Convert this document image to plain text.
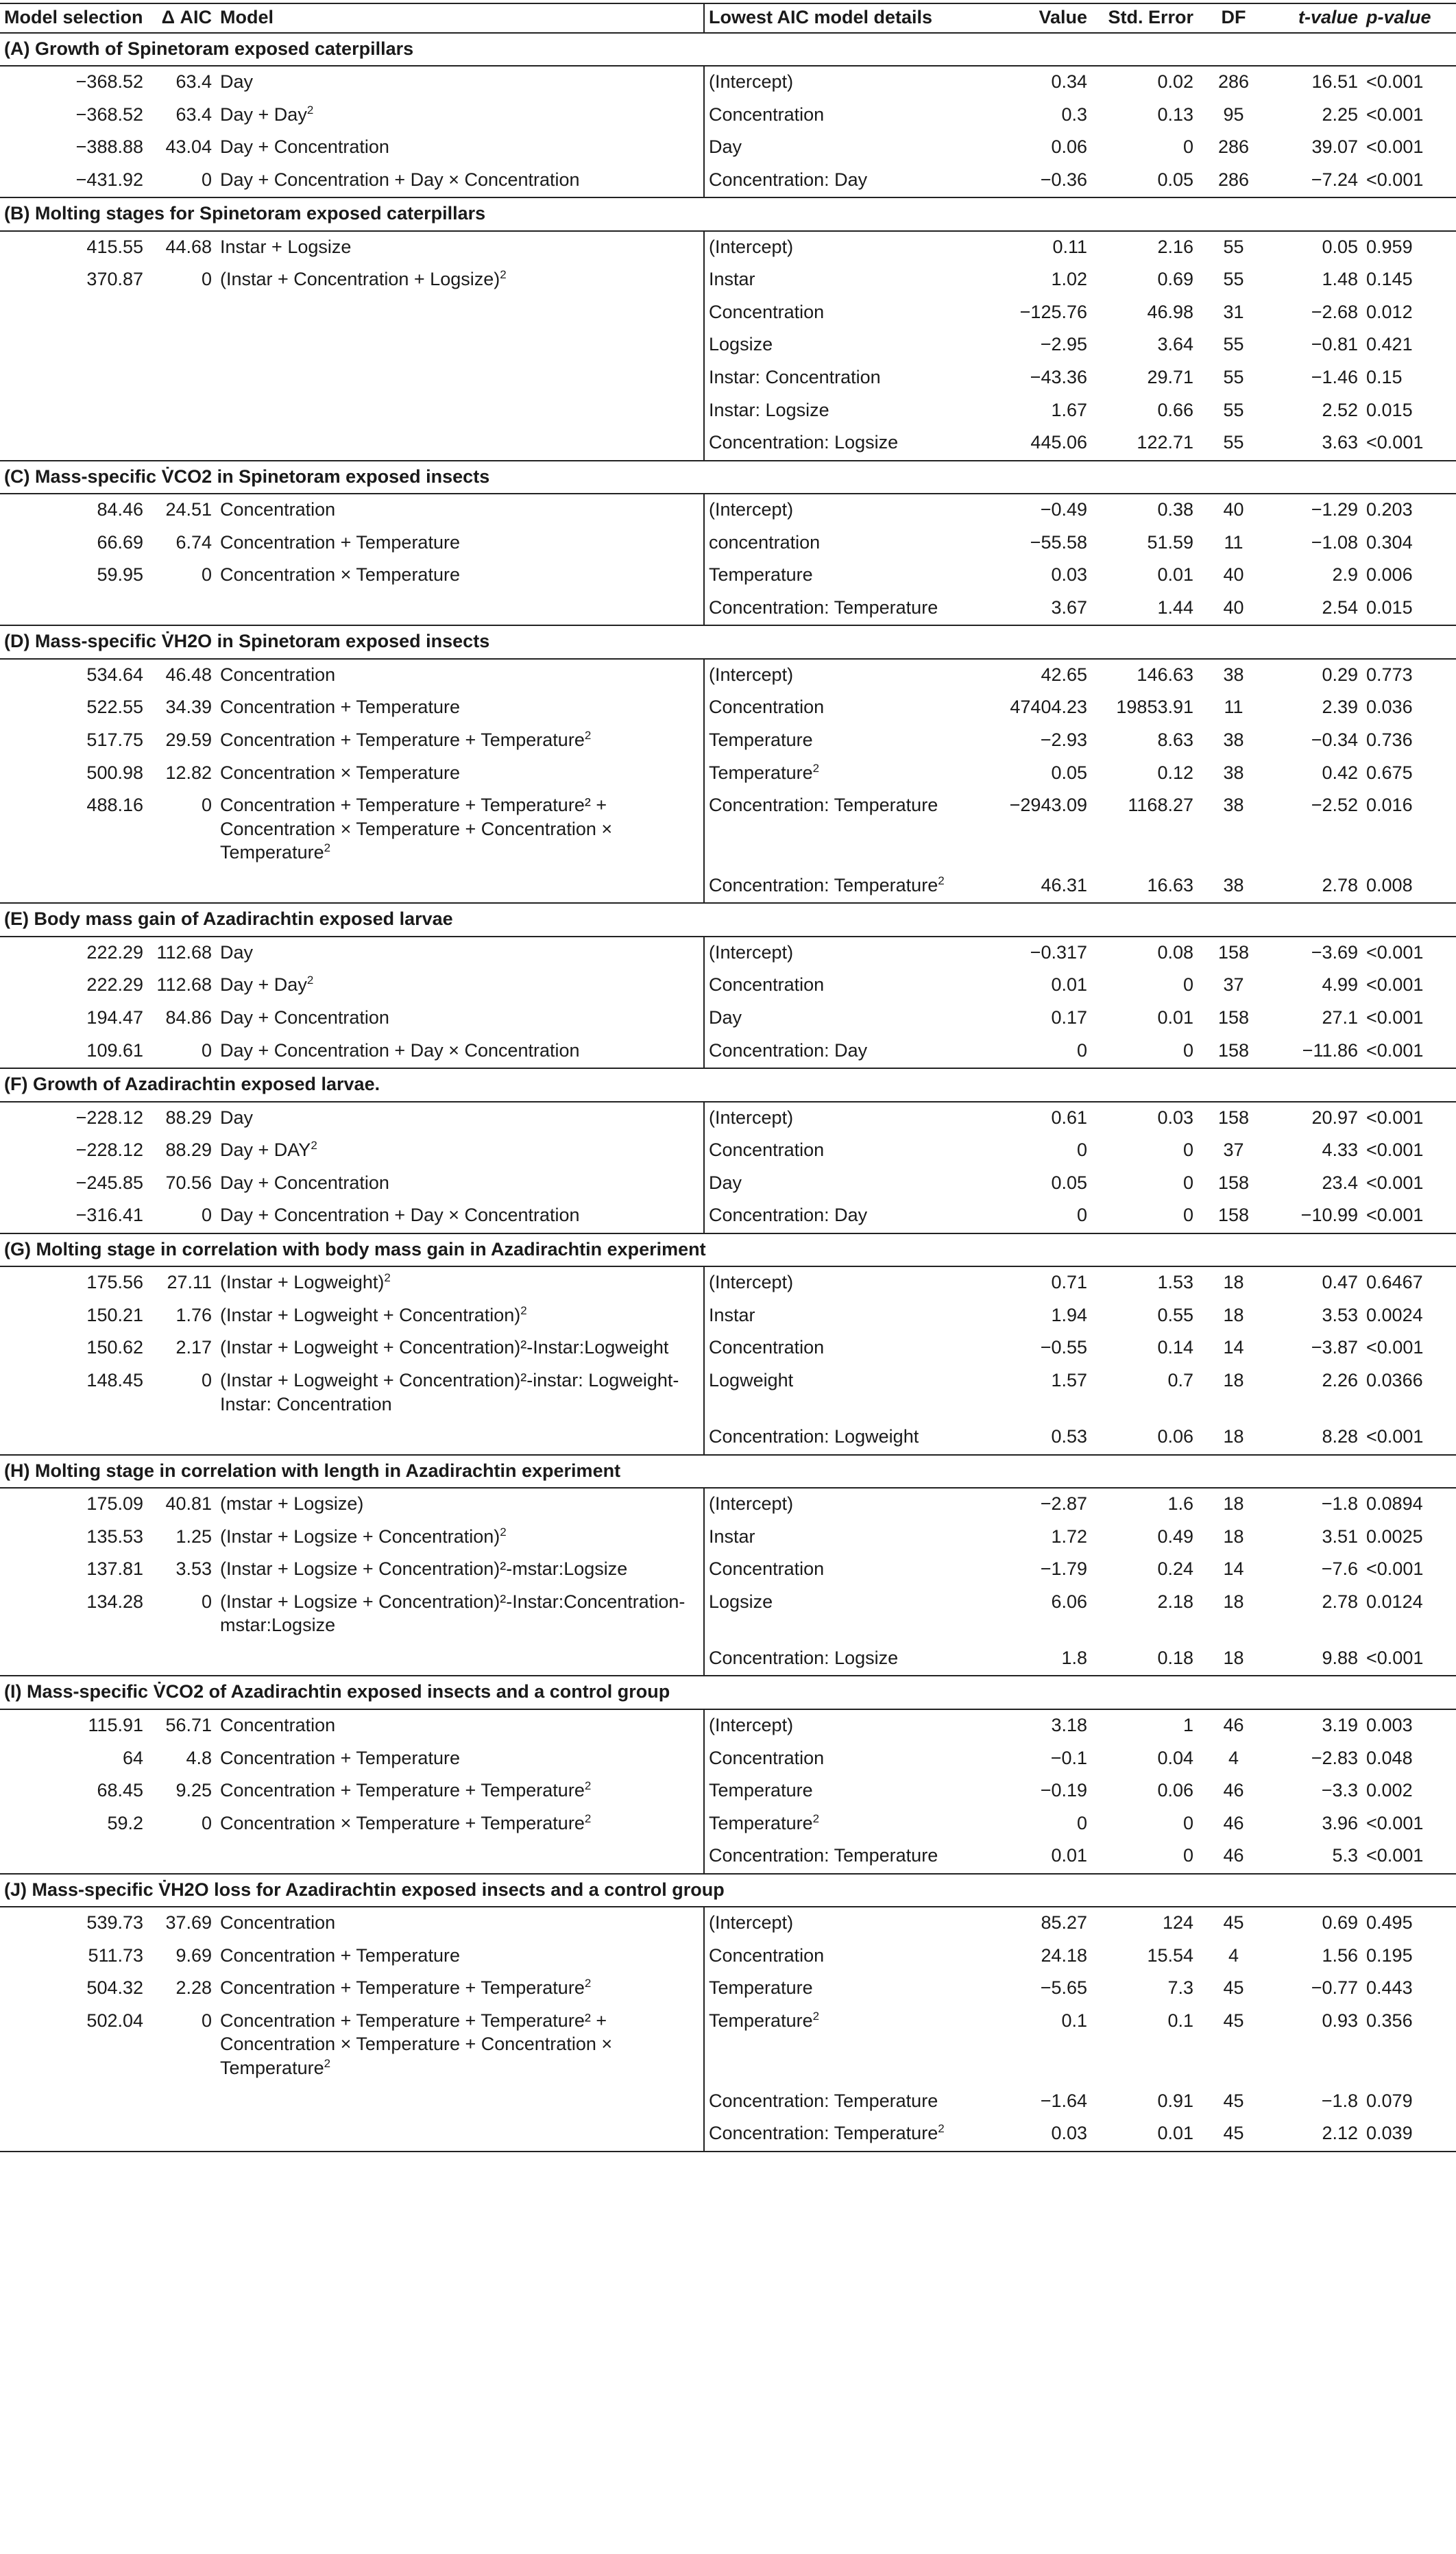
Model selection		Δ AIC	Model	Lowest AIC model details	Value	Std. Error	DF	t-value	p-value
(A) Growth of Spinetoram exposed caterpillars									
	−368.52	63.4	Day	(Intercept)	0.34	0.02	286	16.51	<0.001
	−368.52	63.4	Day + Day$^2$	Concentration	0.3	0.13	95	2.25	<0.001
	−388.88	43.04	Day + Concentration	Day	0.06	0	286	39.07	<0.001
	−431.92	0	Day + Concentration + Day × Concentration	Concentration: Day	−0.36	0.05	286	−7.24	<0.001
(B) Molting stages for Spinetoram exposed caterpillars									
	415.55	44.68	Instar + Logsize	(Intercept)	0.11	2.16	55	0.05	0.959
	370.87	0	(Instar + Concentration + Logsize)$^2$	Instar	1.02	0.69	55	1.48	0.145
				Concentration	−125.76	46.98	31	−2.68	0.012
				Logsize	−2.95	3.64	55	−0.81	0.421
				Instar: Concentration	−43.36	29.71	55	−1.46	0.15
				Instar: Logsize	1.67	0.66	55	2.52	0.015
				Concentration: Logsize	445.06	122.71	55	3.63	<0.001
(C) Mass-specific V̇CO2 in Spinetoram exposed insects									
	84.46	24.51	Concentration	(Intercept)	−0.49	0.38	40	−1.29	0.203
	66.69	6.74	Concentration + Temperature	concentration	−55.58	51.59	11	−1.08	0.304
	59.95	0	Concentration × Temperature	Temperature	0.03	0.01	40	2.9	0.006
				Concentration: Temperature	3.67	1.44	40	2.54	0.015
(D) Mass-specific V̇H2O in Spinetoram exposed insects									
	534.64	46.48	Concentration	(Intercept)	42.65	146.63	38	0.29	0.773
	522.55	34.39	Concentration + Temperature	Concentration	47404.23	19853.91	11	2.39	0.036
	517.75	29.59	Concentration + Temperature + Temperature$^2$	Temperature	−2.93	8.63	38	−0.34	0.736
	500.98	12.82	Concentration × Temperature	Temperature$^2$	0.05	0.12	38	0.42	0.675
	488.16	0	Concentration + Temperature + Temperature² + Concentration × Temperature + Concentration × Temperature$^2$	Concentration: Temperature	−2943.09	1168.27	38	−2.52	0.016
				Concentration: Temperature$^2$	46.31	16.63	38	2.78	0.008
(E) Body mass gain of Azadirachtin exposed larvae									
	222.29	112.68	Day	(Intercept)	−0.317	0.08	158	−3.69	<0.001
	222.29	112.68	Day + Day$^2$	Concentration	0.01	0	37	4.99	<0.001
	194.47	84.86	Day + Concentration	Day	0.17	0.01	158	27.1	<0.001
	109.61	0	Day + Concentration + Day × Concentration	Concentration: Day	0	0	158	−11.86	<0.001
(F) Growth of Azadirachtin exposed larvae.									
	−228.12	88.29	Day	(Intercept)	0.61	0.03	158	20.97	<0.001
	−228.12	88.29	Day + $DAY^2$	Concentration	0	0	37	4.33	<0.001
	−245.85	70.56	Day + Concentration	Day	0.05	0	158	23.4	<0.001
	−316.41	0	Day + Concentration + Day × Concentration	Concentration: Day	0	0	158	−10.99	<0.001
(G) Molting stage in correlation with body mass gain in Azadirachtin experiment									
	175.56	27.11	(Instar + Logweight)$^2$	(Intercept)	0.71	1.53	18	0.47	0.6467
	150.21	1.76	(Instar + Logweight + Concentration)$^2$	Instar	1.94	0.55	18	3.53	0.0024
	150.62	2.17	(Instar + Logweight + Concentration)²-Instar:Logweight	Concentration	−0.55	0.14	14	−3.87	<0.001
	148.45	0	(Instar + Logweight + Concentration)²-instar: Logweight-Instar: Concentration	Logweight	1.57	0.7	18	2.26	0.0366
				Concentration: Logweight	0.53	0.06	18	8.28	<0.001
(H) Molting stage in correlation with length in Azadirachtin experiment									
	175.09	40.81	(mstar + Logsize)	(Intercept)	−2.87	1.6	18	−1.8	0.0894
	135.53	1.25	(Instar + Logsize + Concentration)$^2$	Instar	1.72	0.49	18	3.51	0.0025
	137.81	3.53	(Instar + Logsize + Concentration)²-mstar:Logsize	Concentration	−1.79	0.24	14	−7.6	<0.001
	134.28	0	(Instar + Logsize + Concentration)²-Instar:Concentration-mstar:Logsize	Logsize	6.06	2.18	18	2.78	0.0124
				Concentration: Logsize	1.8	0.18	18	9.88	<0.001
(I) Mass-specific V̇CO2 of Azadirachtin exposed insects and a control group									
	115.91	56.71	Concentration	(Intercept)	3.18	1	46	3.19	0.003
	64	4.8	Concentration + Temperature	Concentration	−0.1	0.04	4	−2.83	0.048
	68.45	9.25	Concentration + Temperature + Temperature$^2$	Temperature	−0.19	0.06	46	−3.3	0.002
	59.2	0	Concentration × Temperature + Temperature$^2$	Temperature$^2$	0	0	46	3.96	<0.001
				Concentration: Temperature	0.01	0	46	5.3	<0.001
(J) Mass-specific V̇H2O loss for Azadirachtin exposed insects and a control group									
	539.73	37.69	Concentration	(Intercept)	85.27	124	45	0.69	0.495
	511.73	9.69	Concentration + Temperature	Concentration	24.18	15.54	4	1.56	0.195
	504.32	2.28	Concentration + Temperature + Temperature$^2$	Temperature	−5.65	7.3	45	−0.77	0.443
	502.04	0	Concentration + Temperature + Temperature² + Concentration × Temperature + Concentration × Temperature$^2$	Temperature$^2$	0.1	0.1	45	0.93	0.356
				Concentration: Temperature	−1.64	0.91	45	−1.8	0.079
				Concentration: Temperature$^2$	0.03	0.01	45	2.12	0.039
